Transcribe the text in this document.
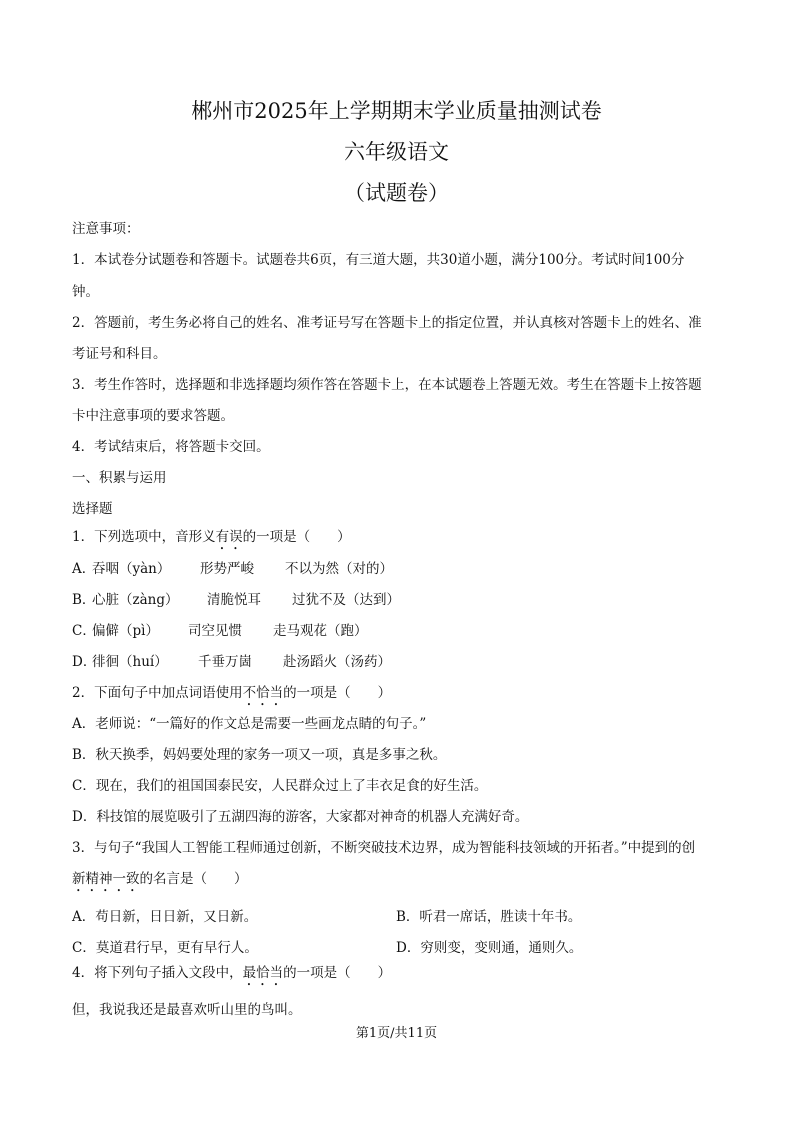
郴州市2025年上学期期末学业质量抽测试卷
六年级语文
（试题卷）
注意事项：
1．本试卷分试题卷和答题卡。试题卷共6页，有三道大题，共30道小题，满分100分。考试时间100分
钟。
2．答题前，考生务必将自己的姓名、准考证号写在答题卡上的指定位置，并认真核对答题卡上的姓名、准
考证号和科目。
3．考生作答时，选择题和非选择题均须作答在答题卡上，在本试题卷上答题无效。考生在答题卡上按答题
卡中注意事项的要求答题。
4．考试结束后，将答题卡交回。
一、积累与运用
选择题
1．下列选项中，音形义有误的一项是（　　）
A．
吞咽（yàn） 形势严峻 不以为然（对的）
B．
心脏（zàng） 清脆悦耳 过犹不及（达到）
C．
偏僻（pì） 司空见惯 走马观花（跑）
D．
徘徊（huí） 千垂万崮 赴汤蹈火（汤药）
2．下面句子中加点词语使用不恰当的一项是（　　）
A．老师说：“一篇好的作文总是需要一些画龙点睛的句子。”
B．秋天换季，妈妈要处理的家务一项又一项，真是多事之秋。
C．现在，我们的祖国国泰民安，人民群众过上了丰衣足食的好生活。
D．科技馆的展览吸引了五湖四海的游客，大家都对神奇的机器人充满好奇。
3．与句子“我国人工智能工程师通过创新，不断突破技术边界，成为智能科技领域的开拓者。”中提到的创
新精神一致的名言是（　　）
A．苟日新，日日新，又日新。	B．听君一席话，胜读十年书。
C．莫道君行早，更有早行人。	D．穷则变，变则通，通则久。
4．将下列句子插入文段中，最恰当的一项是（　　）
但，我说我还是最喜欢听山里的鸟叫。
第1页/共11页
